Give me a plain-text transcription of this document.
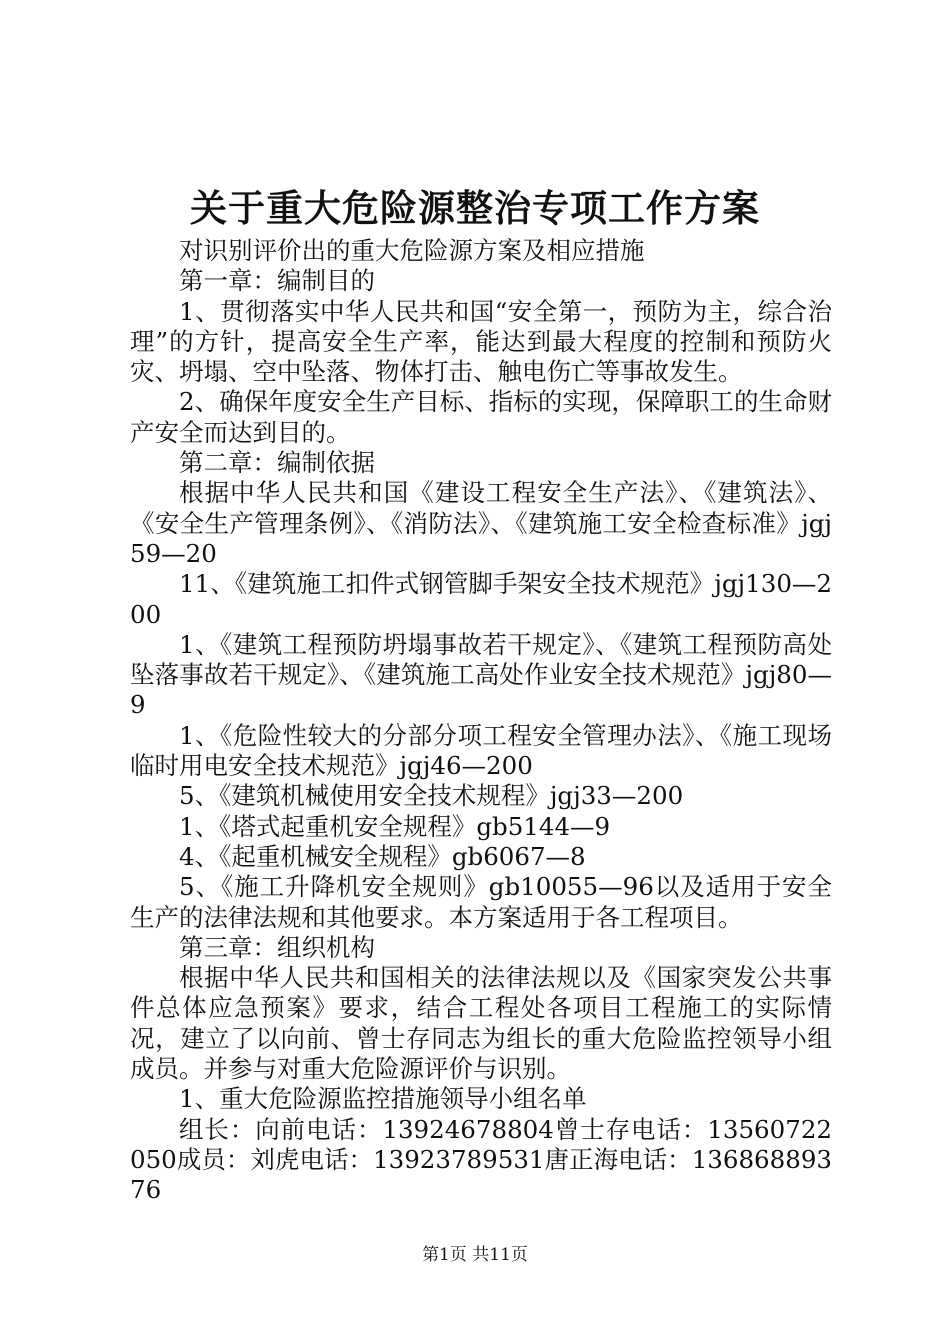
关于重大危险源整治专项工作方案

对识别评价出的重大危险源方案及相应措施

第一章：编制目的

1、贯彻落实中华人民共和国“安全第一，预防为主，综合治理”的方针，提高安全生产率，能达到最大程度的控制和预防火灾、坍塌、空中坠落、物体打击、触电伤亡等事故发生。

2、确保年度安全生产目标、指标的实现，保障职工的生命财产安全而达到目的。

第二章：编制依据

根据中华人民共和国《建设工程安全生产法》、《建筑法》、《安全生产管理条例》、《消防法》、《建筑施工安全检查标准》jgj59—20

11、《建筑施工扣件式钢管脚手架安全技术规范》jgj130—200

1、《建筑工程预防坍塌事故若干规定》、《建筑工程预防高处坠落事故若干规定》、《建筑施工高处作业安全技术规范》jgj80—9

1、《危险性较大的分部分项工程安全管理办法》、《施工现场临时用电安全技术规范》jgj46—200

5、《建筑机械使用安全技术规程》jgj33—200

1、《塔式起重机安全规程》gb5144—9

4、《起重机械安全规程》gb6067—8

5、《施工升降机安全规则》gb10055—96以及适用于安全生产的法律法规和其他要求。本方案适用于各工程项目。

第三章：组织机构

根据中华人民共和国相关的法律法规以及《国家突发公共事件总体应急预案》要求，结合工程处各项目工程施工的实际情况，建立了以向前、曾士存同志为组长的重大危险监控领导小组成员。并参与对重大危险源评价与识别。

1、重大危险源监控措施领导小组名单

组长：向前电话：13924678804曾士存电话：13560722050成员：刘虎电话：13923789531唐正海电话：13686889376

第1页 共11页
